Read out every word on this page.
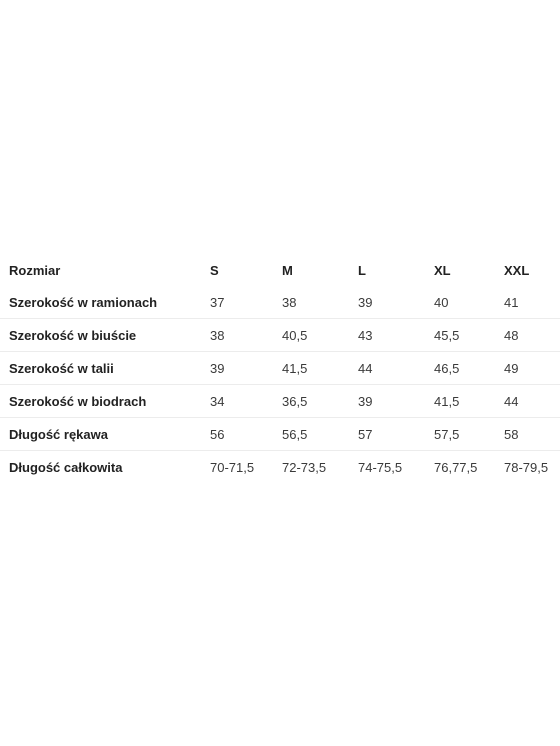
Rozmiar	S	M	L	XL	XXL
Szerokość w ramionach	37	38	39	40	41
Szerokość w biuście	38	40,5	43	45,5	48
Szerokość w talii	39	41,5	44	46,5	49
Szerokość w biodrach	34	36,5	39	41,5	44
Długość rękawa	56	56,5	57	57,5	58
Długość całkowita	70-71,5	72-73,5	74-75,5	76,77,5	78-79,5
